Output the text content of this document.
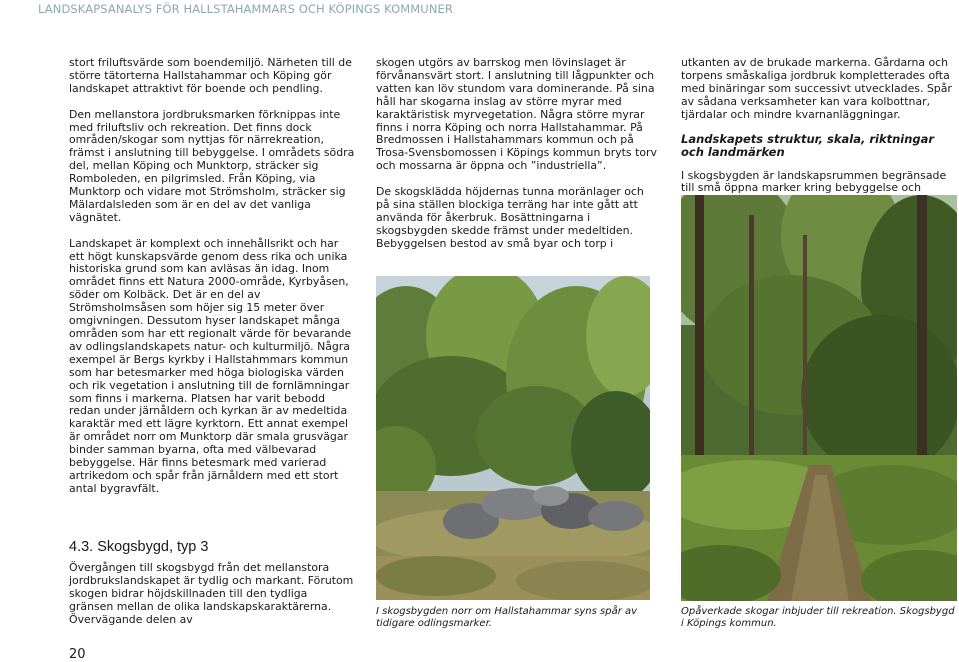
LANDSKAPSANALYS FÖR HALLSTAHAMMARS OCH KÖPINGS KOMMUNER

stort friluftsvärde som boendemiljö. Närheten till de större tätorterna Hallstahammar och Köping gör landskapet attraktivt för boende och pendling.

Den mellanstora jordbruksmarken förknippas inte med friluftsliv och rekreation. Det finns dock områden/skogar som nyttjas för närrekreation, främst i anslutning till bebyggelse. I områdets södra del, mellan Köping och Munktorp, sträcker sig Romboleden, en pilgrimsled. Från Köping, via Munktorp och vidare mot Strömsholm, sträcker sig Mälardalsleden som är en del av det vanliga vägnätet.

Landskapet är komplext och innehållsrikt och har ett högt kunskapsvärde genom dess rika och unika historiska grund som kan avläsas än idag. Inom området finns ett Natura 2000-område, Kyrbyåsen, söder om Kolbäck. Det är en del av Strömsholmsåsen som höjer sig 15 meter över omgivningen. Dessutom hyser landskapet många områden som har ett regionalt värde för bevarande av odlingslandskapets natur- och kulturmiljö. Några exempel är Bergs kyrkby i Hallstahmmars kommun som har betesmarker med höga biologiska värden och rik vegetation i anslutning till de fornlämningar som finns i markerna. Platsen har varit bebodd redan under järnåldern och kyrkan är av medeltida karaktär med ett lägre kyrktorn. Ett annat exempel är området norr om Munktorp där smala grusvägar binder samman byarna, ofta med välbevarad bebyggelse. Här finns betesmark med varierad artrikedom och spår från järnåldern med ett stort antal bygravfält.

4.3. Skogsbygd, typ 3
Övergången till skogsbygd från det mellanstora jordbrukslandskapet är tydlig och markant. Förutom skogen bidrar höjdskillnaden till den tydliga gränsen mellan de olika landskapskaraktärerna. Övervägande delen av

skogen utgörs av barrskog men lövinslaget är förvånansvärt stort. I anslutning till lågpunkter och vatten kan löv stundom vara dominerande. På sina håll har skogarna inslag av större myrar med karaktäristisk myrvegetation. Några större myrar finns i norra Köping och norra Hallstahammar. På Bredmossen i Hallstahammars kommun och på Trosa-Svensbomossen i Köpings kommun bryts torv och mossarna är öppna och ”industriella”.

De skogsklädda höjdernas tunna moränlager och på sina ställen blockiga terräng har inte gått att använda för åkerbruk. Bosättningarna i skogsbygden skedde främst under medeltiden. Bebyggelsen bestod av små byar och torp i

utkanten av de brukade markerna. Gårdarna och torpens småskaliga jordbruk kompletterades ofta med binäringar som successivt utvecklades. Spår av sådana verksamheter kan vara kolbottnar, tjärdalar och mindre kvarnanläggningar.

Landskapets struktur, skala, riktningar och landmärken

I skogsbygden är landskapsrummen begränsade till små öppna marker kring bebyggelse och

I skogsbygden norr om Hallstahammar syns spår av tidigare odlingsmarker.
Opåverkade skogar inbjuder till rekreation. Skogsbygd i Köpings kommun.
20
